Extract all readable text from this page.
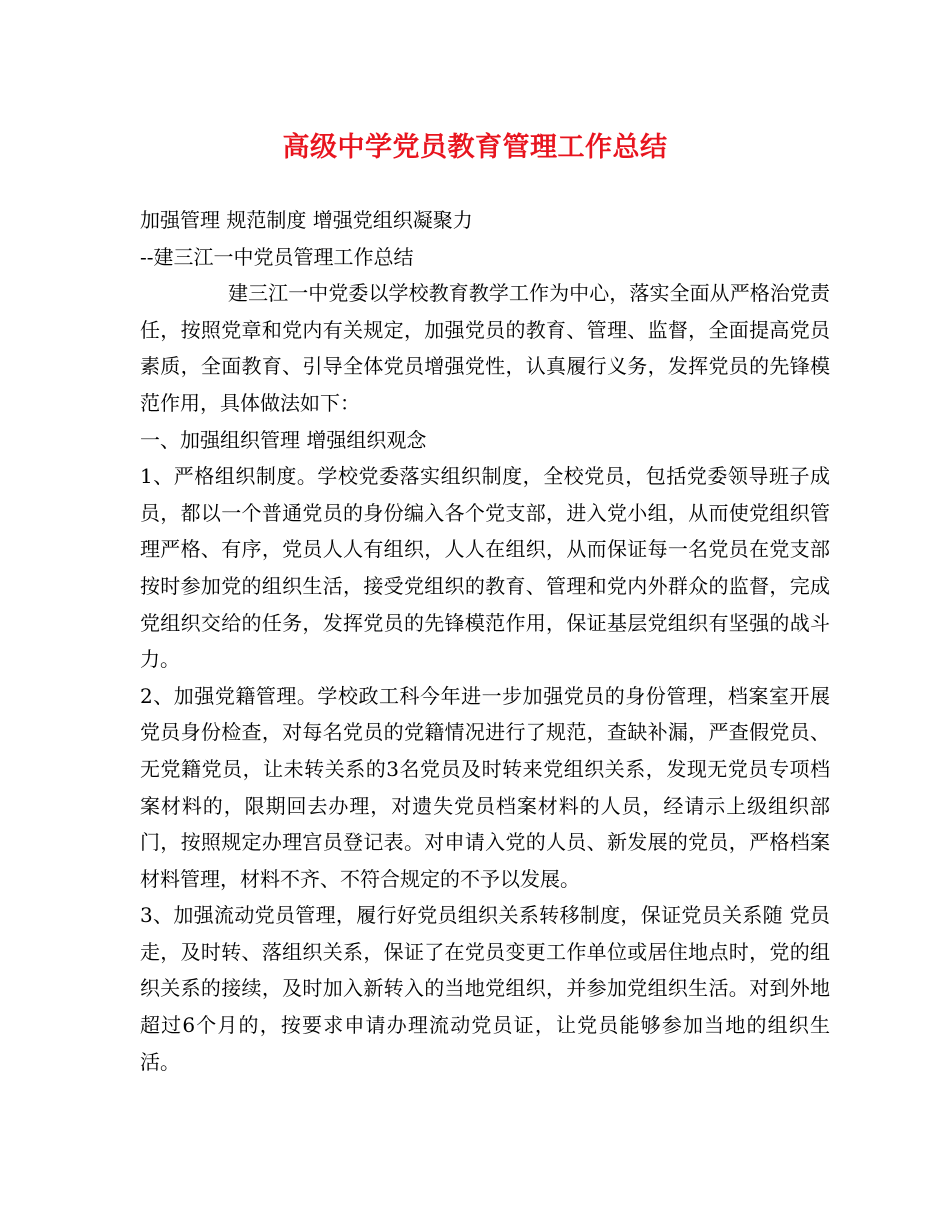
高级中学党员教育管理工作总结

加强管理 规范制度 增强党组织凝聚力

--建三江一中党员管理工作总结

建三江一中党委以学校教育教学工作为中心，落实全面从严格治党责任，按照党章和党内有关规定，加强党员的教育、管理、监督，全面提高党员素质，全面教育、引导全体党员增强党性，认真履行义务，发挥党员的先锋模范作用，具体做法如下：

一、加强组织管理 增强组织观念

1、严格组织制度。学校党委落实组织制度，全校党员，包括党委领导班子成员，都以一个普通党员的身份编入各个党支部，进入党小组，从而使党组织管理严格、有序，党员人人有组织，人人在组织，从而保证每一名党员在党支部按时参加党的组织生活，接受党组织的教育、管理和党内外群众的监督，完成党组织交给的任务，发挥党员的先锋模范作用，保证基层党组织有坚强的战斗力。

2、加强党籍管理。学校政工科今年进一步加强党员的身份管理，档案室开展党员身份检查，对每名党员的党籍情况进行了规范，查缺补漏，严查假党员、无党籍党员，让未转关系的3名党员及时转来党组织关系，发现无党员专项档案材料的，限期回去办理，对遗失党员档案材料的人员，经请示上级组织部门，按照规定办理宫员登记表。对申请入党的人员、新发展的党员，严格档案材料管理，材料不齐、不符合规定的不予以发展。

3、加强流动党员管理，履行好党员组织关系转移制度，保证党员关系随 党员走，及时转、落组织关系，保证了在党员变更工作单位或居住地点时，党的组织关系的接续，及时加入新转入的当地党组织，并参加党组织生活。对到外地超过6个月的，按要求申请办理流动党员证，让党员能够参加当地的组织生活。
